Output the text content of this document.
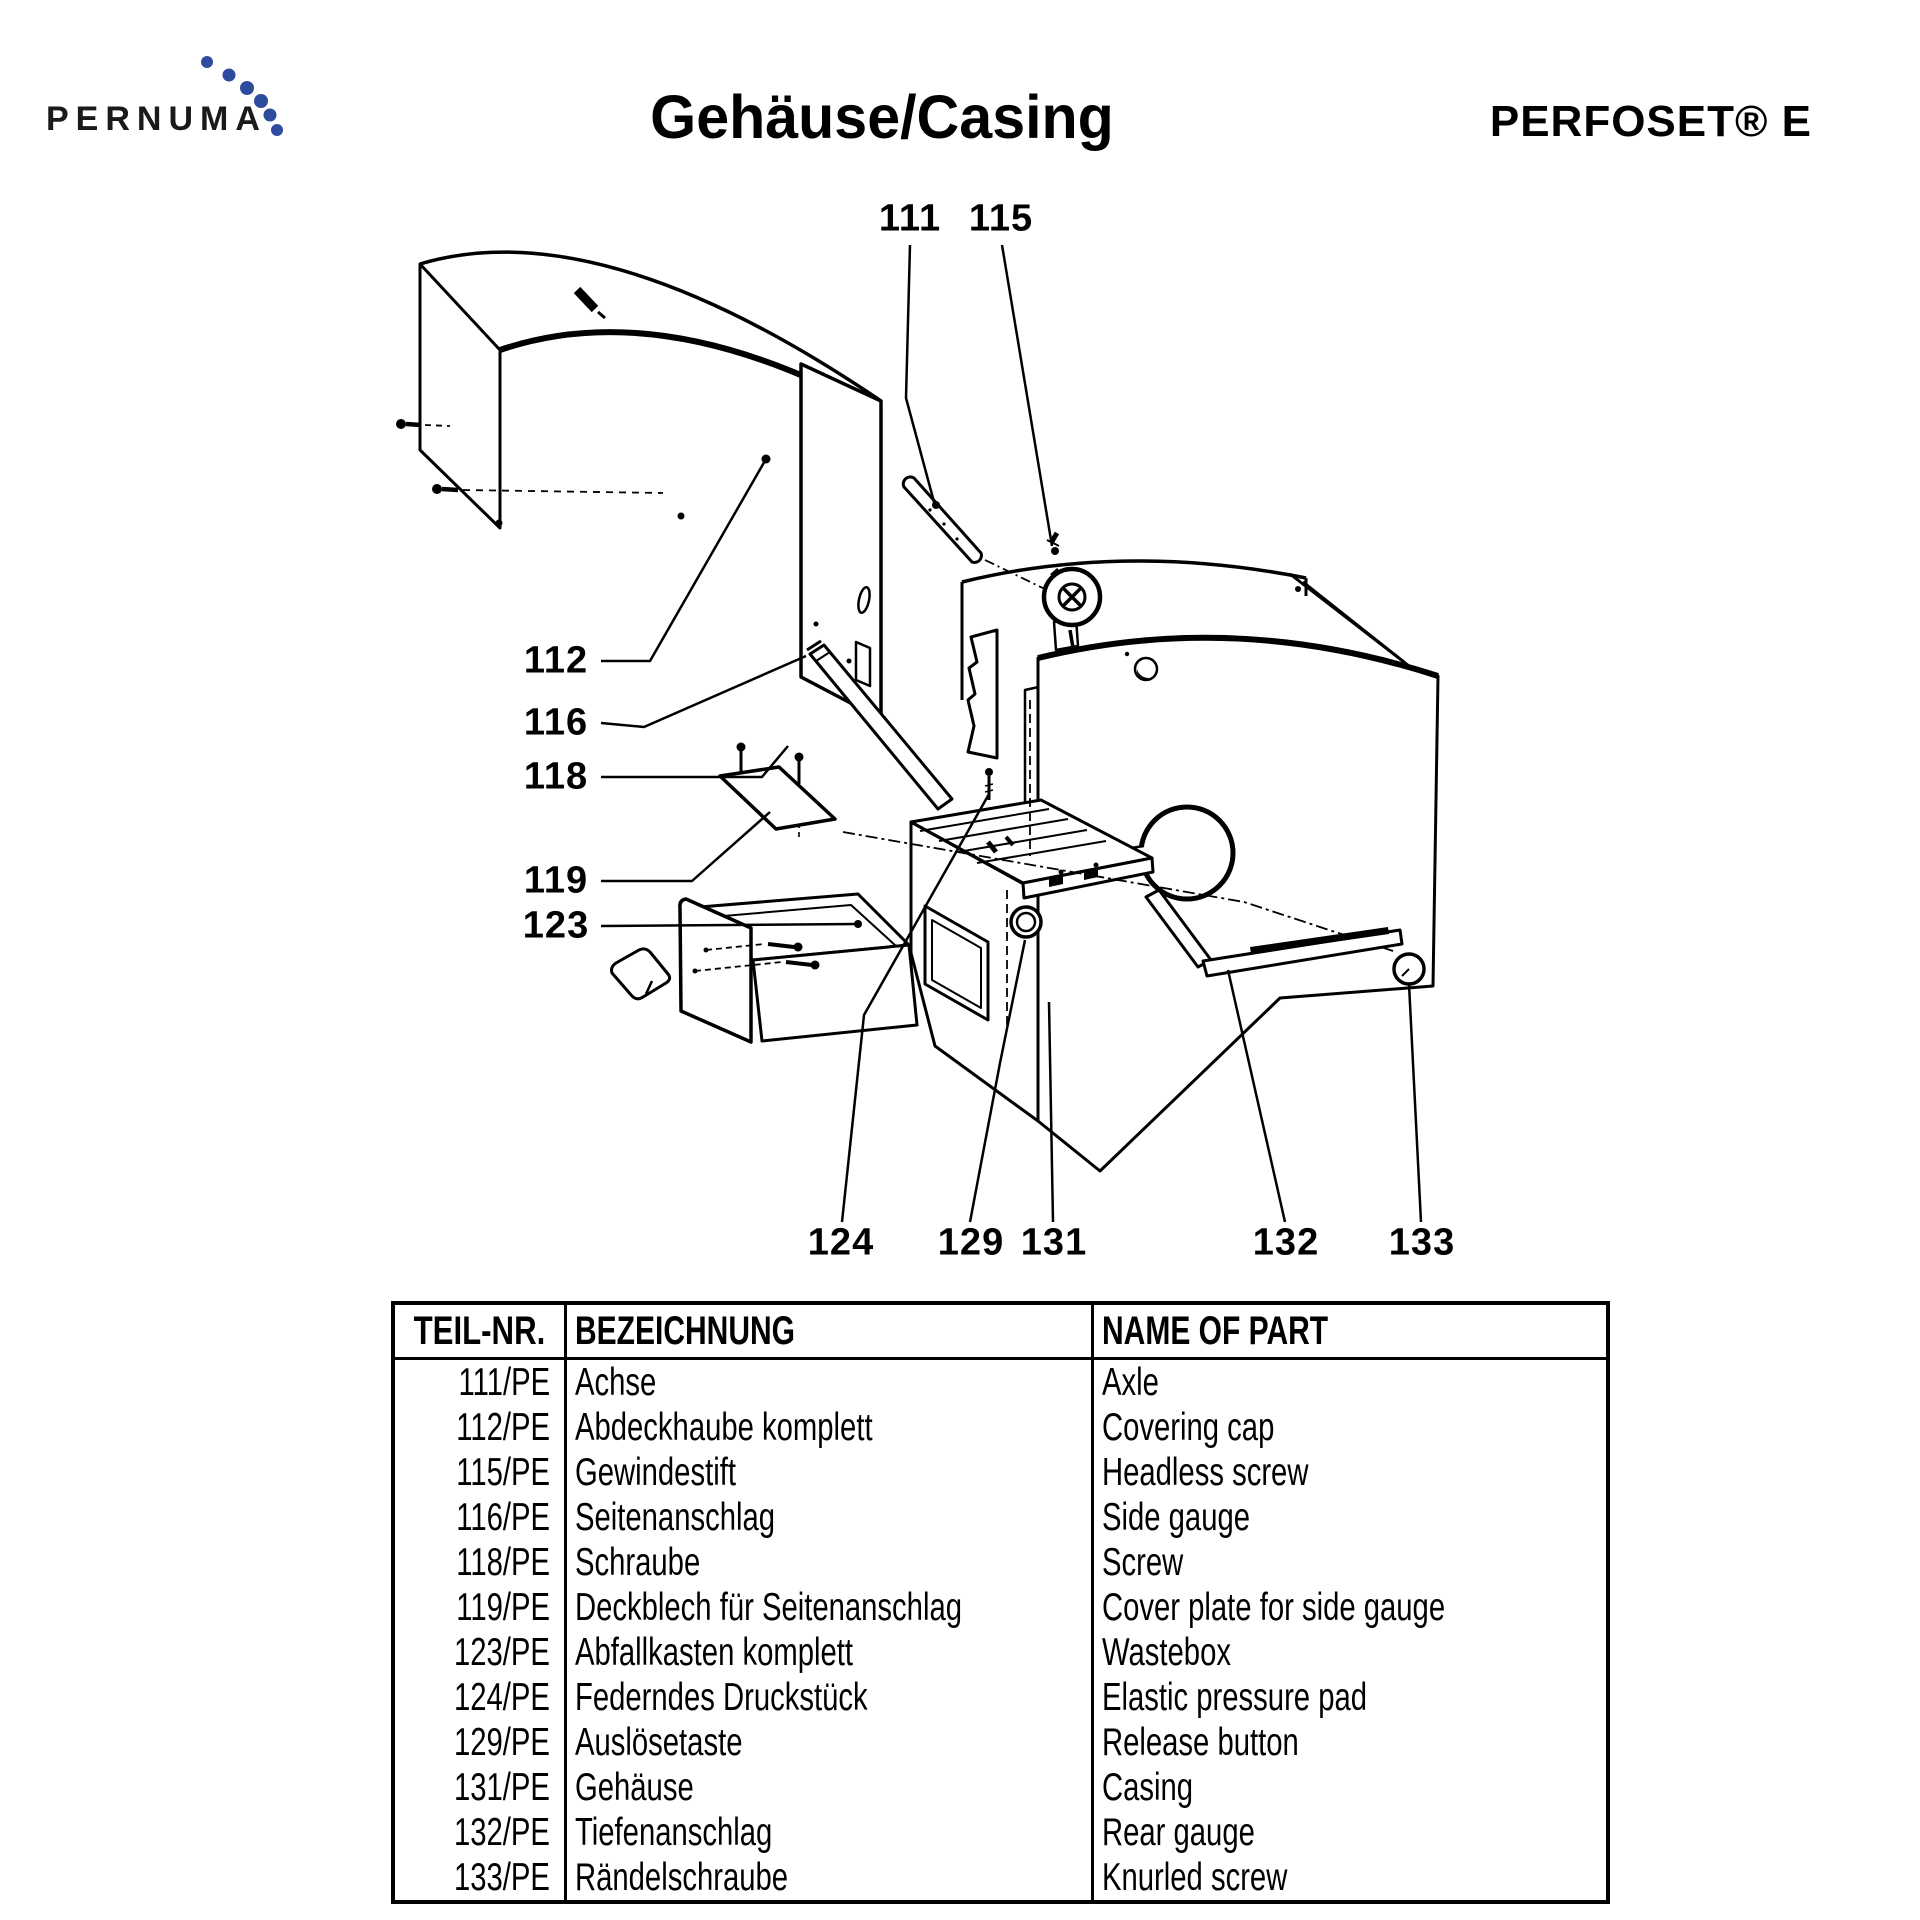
PERNUMA	Gehäuse/Casing	PERFOSET® E
111 115
112
116
118
119
123
124 129 131	132 133
TEIL-NR.	BEZEICHNUNG	NAME OF PART
111/PE	Achse	Axle
112/PE	Abdeckhaube komplett	Covering cap
115/PE	Gewindestift	Headless screw
116/PE	Seitenanschlag	Side gauge
118/PE	Schraube	Screw
119/PE	Deckblech für Seitenanschlag	Cover plate for side gauge
123/PE	Abfallkasten komplett	Wastebox
124/PE	Federndes Druckstück	Elastic pressure pad
129/PE	Auslösetaste	Release button
131/PE	Gehäuse	Casing
132/PE	Tiefenanschlag	Rear gauge
133/PE	Rändelschraube	Knurled screw
